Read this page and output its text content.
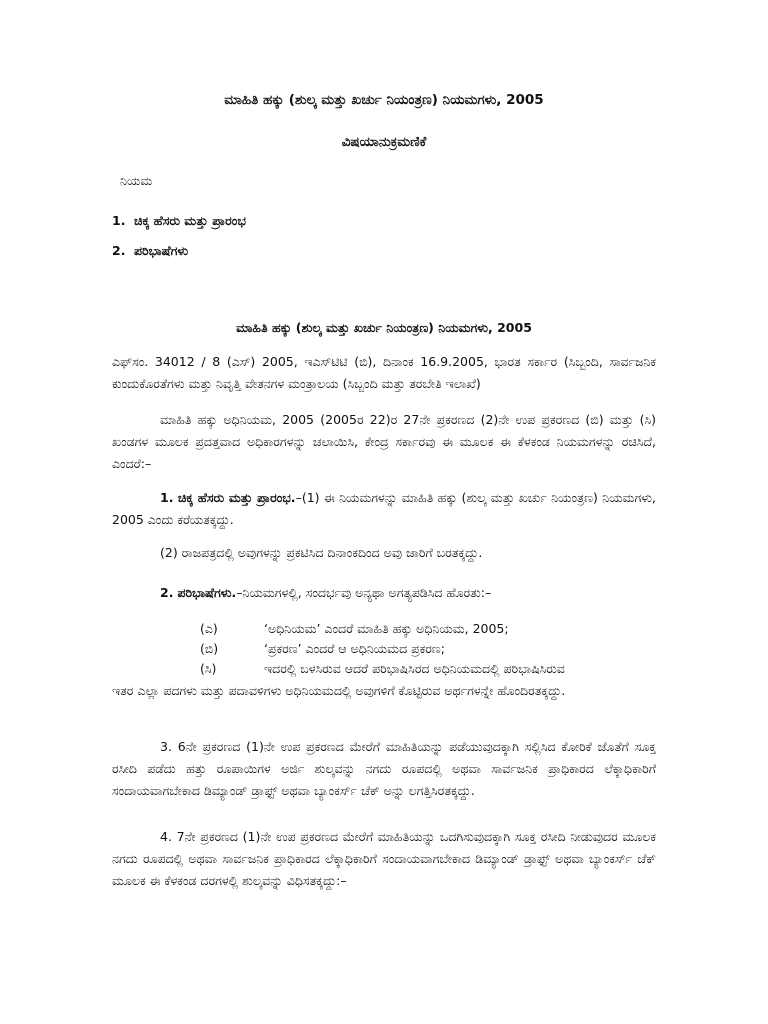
ಮಾಹಿತಿ ಹಕ್ಕು (ಶುಲ್ಕ ಮತ್ತು ಖರ್ಚು ನಿಯಂತ್ರಣ) ನಿಯಮಗಳು, 2005
ವಿಷಯಾನುಕ್ರಮಣಿಕೆ
ನಿಯಮ
1. ಚಿಕ್ಕ ಹೆಸರು ಮತ್ತು ಪ್ರಾರಂಭ
2. ಪರಿಭಾಷೆಗಳು
ಮಾಹಿತಿ ಹಕ್ಕು (ಶುಲ್ಕ ಮತ್ತು ಖರ್ಚು ನಿಯಂತ್ರಣ) ನಿಯಮಗಳು, 2005
ಎಫ್‌ಸಂ. 34012 / 8 (ಎಸ್) 2005, ಇಎಸ್‌ಟಿಟಿ (ಬಿ), ದಿನಾಂಕ 16.9.2005, ಭಾರತ ಸರ್ಕಾರ (ಸಿಬ್ಬಂದಿ, ಸಾರ್ವಜನಿಕ ಕುಂದುಕೊರತೆಗಳು ಮತ್ತು ನಿವೃತ್ತಿ ವೇತನಗಳ ಮಂತ್ರಾಲಯ (ಸಿಬ್ಬಂದಿ ಮತ್ತು ತರಬೇತಿ ಇಲಾಖೆ)
ಮಾಹಿತಿ ಹಕ್ಕು ಅಧಿನಿಯಮ, 2005 (2005ರ 22)ರ 27ನೇ ಪ್ರಕರಣದ (2)ನೇ ಉಪ ಪ್ರಕರಣದ (ಬಿ) ಮತ್ತು (ಸಿ) ಖಂಡಗಳ ಮೂಲಕ ಪ್ರದತ್ತವಾದ ಅಧಿಕಾರಗಳನ್ನು ಚಲಾಯಿಸಿ, ಕೇಂದ್ರ ಸರ್ಕಾರವು ಈ ಮೂಲಕ ಈ ಕೆಳಕಂಡ ನಿಯಮಗಳನ್ನು ರಚಿಸಿದೆ, ಎಂದರೆ:–
1. ಚಿಕ್ಕ ಹೆಸರು ಮತ್ತು ಪ್ರಾರಂಭ.–(1) ಈ ನಿಯಮಗಳನ್ನು ಮಾಹಿತಿ ಹಕ್ಕು (ಶುಲ್ಕ ಮತ್ತು ಖರ್ಚು ನಿಯಂತ್ರಣ) ನಿಯಮಗಳು, 2005 ಎಂದು ಕರೆಯತಕ್ಕದ್ದು.
(2) ರಾಜಪತ್ರದಲ್ಲಿ ಅವುಗಳನ್ನು ಪ್ರಕಟಿಸಿದ ದಿನಾಂಕದಿಂದ ಅವು ಜಾರಿಗೆ ಬರತಕ್ಕದ್ದು.
2. ಪರಿಭಾಷೆಗಳು.–ನಿಯಮಗಳಲ್ಲಿ, ಸಂದರ್ಭವು ಅನ್ಯಥಾ ಅಗತ್ಯಪಡಿಸಿದ ಹೊರತು:–
(ಎ)	‘ಅಧಿನಿಯಮ’ ಎಂದರೆ ಮಾಹಿತಿ ಹಕ್ಕು ಅಧಿನಿಯಮ, 2005;
(ಬಿ)	‘ಪ್ರಕರಣ’ ಎಂದರೆ ಆ ಅಧಿನಿಯಮದ ಪ್ರಕರಣ;
(ಸಿ)	ಇದರಲ್ಲಿ ಬಳಸಿರುವ ಆದರೆ ಪರಿಭಾಷಿಸಿರದ ಅಧಿನಿಯಮದಲ್ಲಿ ಪರಿಭಾಷಿಸಿರುವ
ಇತರ ಎಲ್ಲಾ ಪದಗಳು ಮತ್ತು ಪದಾವಳಿಗಳು ಅಧಿನಿಯಮದಲ್ಲಿ ಅವುಗಳಿಗೆ ಕೊಟ್ಟಿರುವ ಅರ್ಥಗಳನ್ನೇ ಹೊಂದಿರತಕ್ಕದ್ದು.
3. 6ನೇ ಪ್ರಕರಣದ (1)ನೇ ಉಪ ಪ್ರಕರಣದ ಮೇರೆಗೆ ಮಾಹಿತಿಯನ್ನು ಪಡೆಯುವುದಕ್ಕಾಗಿ ಸಲ್ಲಿಸಿದ ಕೋರಿಕೆ ಜೊತೆಗೆ ಸೂಕ್ತ ರಸೀದಿ ಪಡೆದು ಹತ್ತು ರೂಪಾಯಿಗಳ ಅರ್ಜಿ ಶುಲ್ಕವನ್ನು ನಗದು ರೂಪದಲ್ಲಿ ಅಥವಾ ಸಾರ್ವಜನಿಕ ಪ್ರಾಧಿಕಾರದ ಲೆಕ್ಕಾಧಿಕಾರಿಗೆ ಸಂದಾಯವಾಗಬೇಕಾದ ಡಿಮ್ಯಾಂಡ್ ಡ್ರಾಫ್ಟ್ ಅಥವಾ ಬ್ಯಾಂಕರ್ಸ್ ಚೆಕ್ ಅನ್ನು ಲಗತ್ತಿಸಿರತಕ್ಕದ್ದು.
4. 7ನೇ ಪ್ರಕರಣದ (1)ನೇ ಉಪ ಪ್ರಕರಣದ ಮೇರೆಗೆ ಮಾಹಿತಿಯನ್ನು ಒದಗಿಸುವುದಕ್ಕಾಗಿ ಸೂಕ್ತ ರಸೀದಿ ನೀಡುವುದರ ಮೂಲಕ ನಗದು ರೂಪದಲ್ಲಿ ಅಥವಾ ಸಾರ್ವಜನಿಕ ಪ್ರಾಧಿಕಾರದ ಲೆಕ್ಕಾಧಿಕಾರಿಗೆ ಸಂದಾಯವಾಗಬೇಕಾದ ಡಿಮ್ಯಾಂಡ್ ಡ್ರಾಫ್ಟ್ ಅಥವಾ ಬ್ಯಾಂಕರ್ಸ್ ಚೆಕ್ ಮೂಲಕ ಈ ಕೆಳಕಂಡ ದರಗಳಲ್ಲಿ ಶುಲ್ಕವನ್ನು ವಿಧಿಸತಕ್ಕದ್ದು:–
